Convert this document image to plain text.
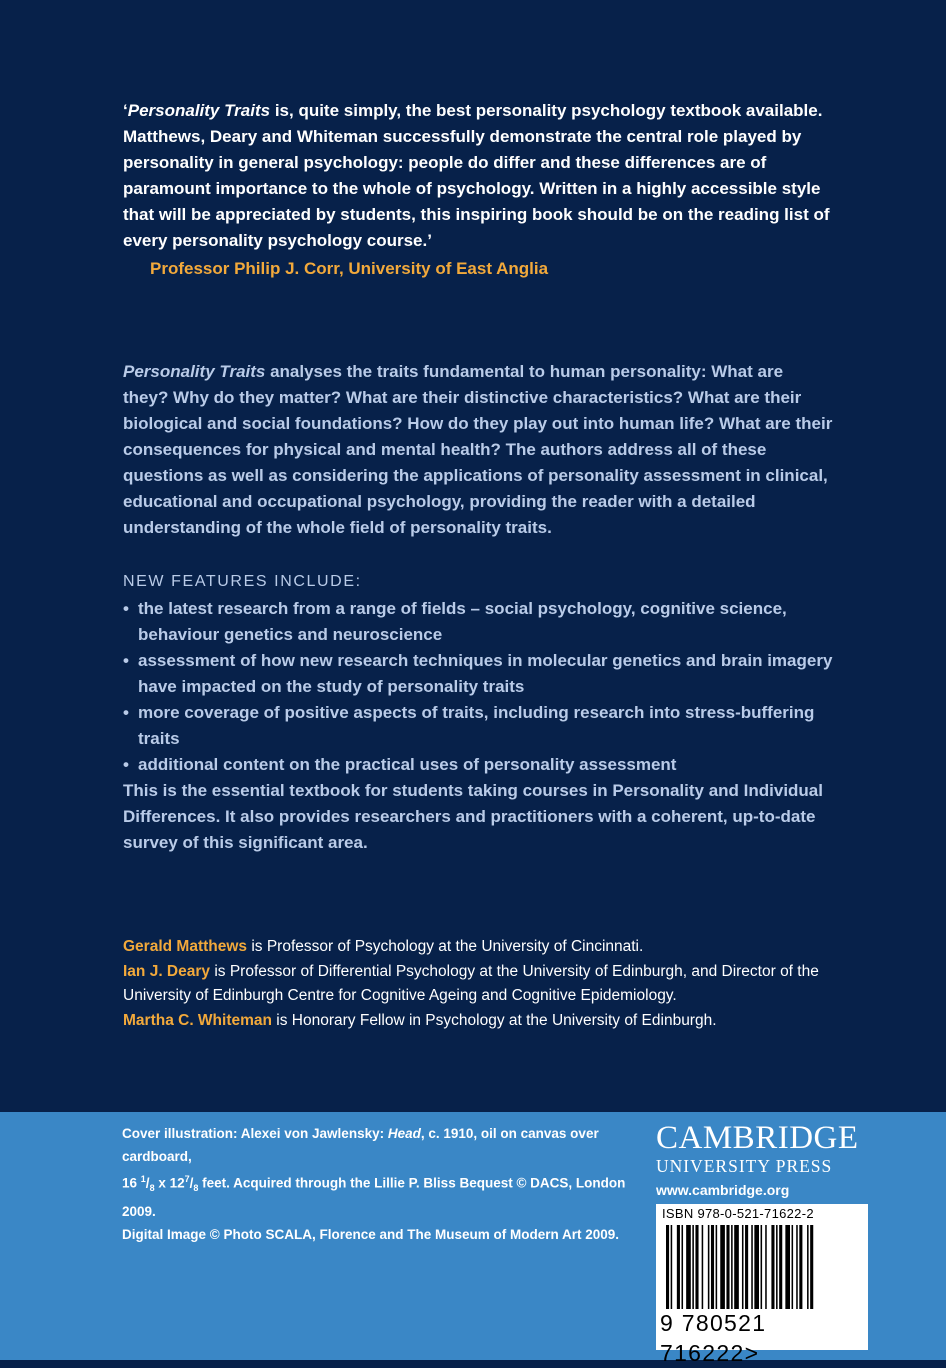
‘Personality Traits is, quite simply, the best personality psychology textbook available. Matthews, Deary and Whiteman successfully demonstrate the central role played by personality in general psychology: people do differ and these differences are of paramount importance to the whole of psychology. Written in a highly accessible style that will be appreciated by students, this inspiring book should be on the reading list of every personality psychology course.’

Professor Philip J. Corr, University of East Anglia

Personality Traits analyses the traits fundamental to human personality: What are they? Why do they matter? What are their distinctive characteristics? What are their biological and social foundations? How do they play out into human life? What are their consequences for physical and mental health? The authors address all of these questions as well as considering the applications of personality assessment in clinical, educational and occupational psychology, providing the reader with a detailed understanding of the whole field of personality traits.

NEW FEATURES INCLUDE:
• the latest research from a range of fields – social psychology, cognitive science, behaviour genetics and neuroscience
• assessment of how new research techniques in molecular genetics and brain imagery have impacted on the study of personality traits
• more coverage of positive aspects of traits, including research into stress-buffering traits
• additional content on the practical uses of personality assessment

This is the essential textbook for students taking courses in Personality and Individual Differences. It also provides researchers and practitioners with a coherent, up-to-date survey of this significant area.

Gerald Matthews is Professor of Psychology at the University of Cincinnati.

Ian J. Deary is Professor of Differential Psychology at the University of Edinburgh, and Director of the University of Edinburgh Centre for Cognitive Ageing and Cognitive Epidemiology.

Martha C. Whiteman is Honorary Fellow in Psychology at the University of Edinburgh.

Cover illustration: Alexei von Jawlensky: Head, c. 1910, oil on canvas over cardboard,

16 $^1/_8$ x $12^7/_8$ feet. Acquired through the Lillie P. Bliss Bequest © DACS, London 2009.

Digital Image © Photo SCALA, Florence and The Museum of Modern Art 2009.

CAMBRIDGE
UNIVERSITY PRESS
www.cambridge.org
ISBN 978-0-521-71622-2
9 780521 716222>
